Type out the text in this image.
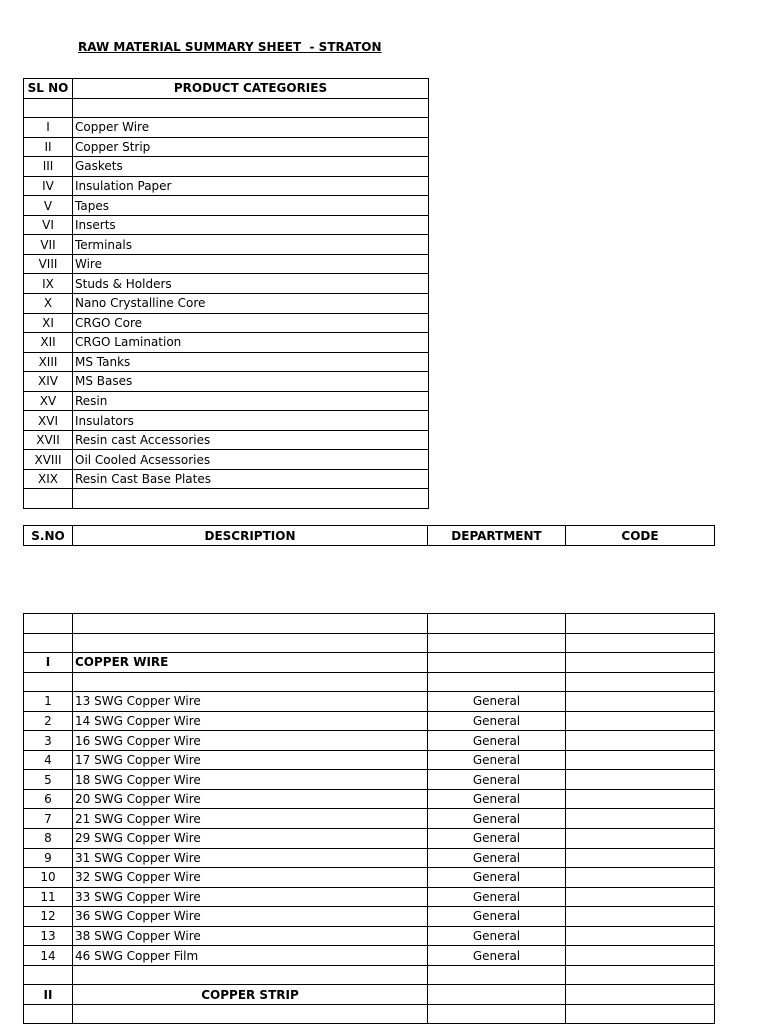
RAW MATERIAL SUMMARY SHEET  - STRATON
SL NO	PRODUCT CATEGORIES

I	Copper Wire
II	Copper Strip
III	Gaskets
IV	Insulation Paper
V	Tapes
VI	Inserts
VII	Terminals
VIII	Wire
IX	Studs & Holders
X	Nano Crystalline Core
XI	CRGO Core
XII	CRGO Lamination
XIII	MS Tanks
XIV	MS Bases
XV	Resin
XVI	Insulators
XVII	Resin cast Accessories
XVIII	Oil Cooled Acsessories
XIX	Resin Cast Base Plates

S.NO	DESCRIPTION	DEPARTMENT	CODE

I	COPPER WIRE		

1	13 SWG Copper Wire	General	
2	14 SWG Copper Wire	General	
3	16 SWG Copper Wire	General	
4	17 SWG Copper Wire	General	
5	18 SWG Copper Wire	General	
6	20 SWG Copper Wire	General	
7	21 SWG Copper Wire	General	
8	29 SWG Copper Wire	General	
9	31 SWG Copper Wire	General	
10	32 SWG Copper Wire	General	
11	33 SWG Copper Wire	General	
12	36 SWG Copper Wire	General	
13	38 SWG Copper Wire	General	
14	46 SWG Copper Film	General	

II	COPPER STRIP		
